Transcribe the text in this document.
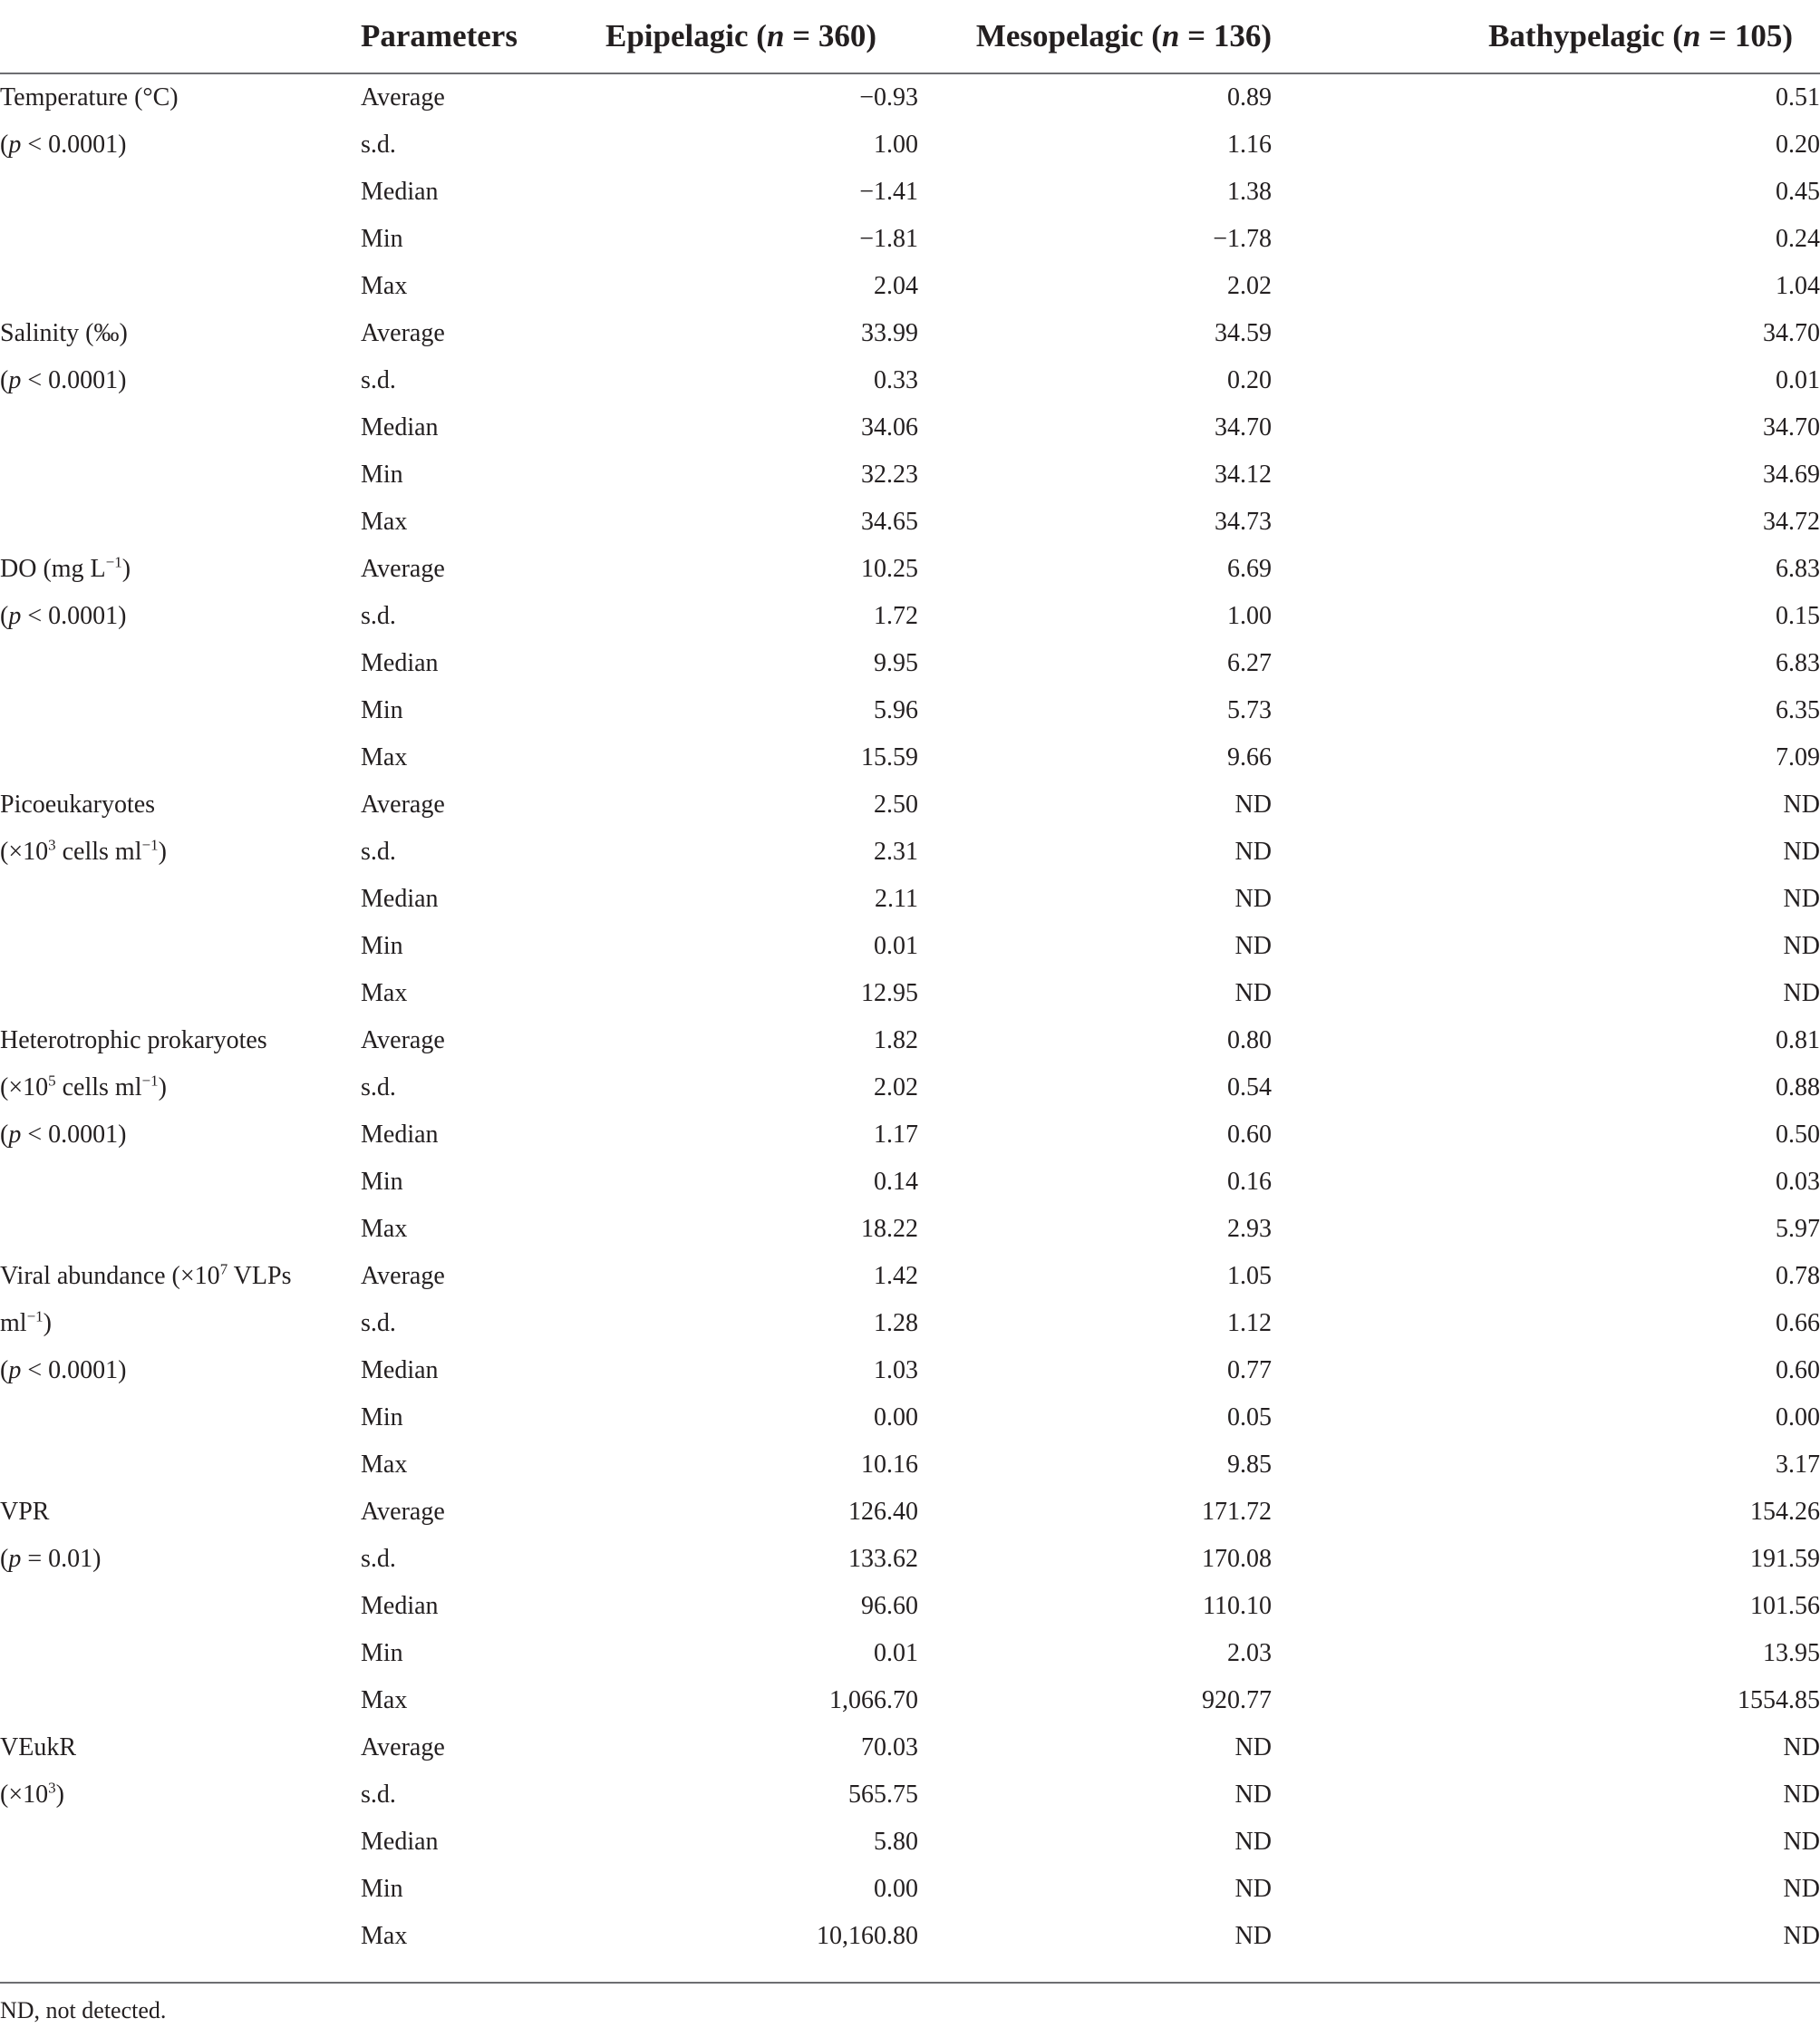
	Parameters	Epipelagic (n = 360)	Mesopelagic (n = 136)	Bathypelagic (n = 105)
Temperature (°C)	Average	−0.93	0.89	0.51
(p < 0.0001)	s.d.	1.00	1.16	0.20
	Median	−1.41	1.38	0.45
	Min	−1.81	−1.78	0.24
	Max	2.04	2.02	1.04
Salinity (‰)	Average	33.99	34.59	34.70
(p < 0.0001)	s.d.	0.33	0.20	0.01
	Median	34.06	34.70	34.70
	Min	32.23	34.12	34.69
	Max	34.65	34.73	34.72
DO (mg $L^{-1}$)	Average	10.25	6.69	6.83
(p < 0.0001)	s.d.	1.72	1.00	0.15
	Median	9.95	6.27	6.83
	Min	5.96	5.73	6.35
	Max	15.59	9.66	7.09
Picoeukaryotes	Average	2.50	ND	ND
($\times 10^3$ cells $ml^{-1}$)	s.d.	2.31	ND	ND
	Median	2.11	ND	ND
	Min	0.01	ND	ND
	Max	12.95	ND	ND
Heterotrophic prokaryotes	Average	1.82	0.80	0.81
($\times 10^5$ cells $ml^{-1}$)	s.d.	2.02	0.54	0.88
(p < 0.0001)	Median	1.17	0.60	0.50
	Min	0.14	0.16	0.03
	Max	18.22	2.93	5.97
Viral abundance ($\times 10^7$ VLPs	Average	1.42	1.05	0.78
$ml^{-1}$)	s.d.	1.28	1.12	0.66
(p < 0.0001)	Median	1.03	0.77	0.60
	Min	0.00	0.05	0.00
	Max	10.16	9.85	3.17
VPR	Average	126.40	171.72	154.26
(p = 0.01)	s.d.	133.62	170.08	191.59
	Median	96.60	110.10	101.56
	Min	0.01	2.03	13.95
	Max	1,066.70	920.77	1554.85
VEukR	Average	70.03	ND	ND
$(\times 10^3)$	s.d.	565.75	ND	ND
	Median	5.80	ND	ND
	Min	0.00	ND	ND
	Max	10,160.80	ND	ND
ND, not detected.
